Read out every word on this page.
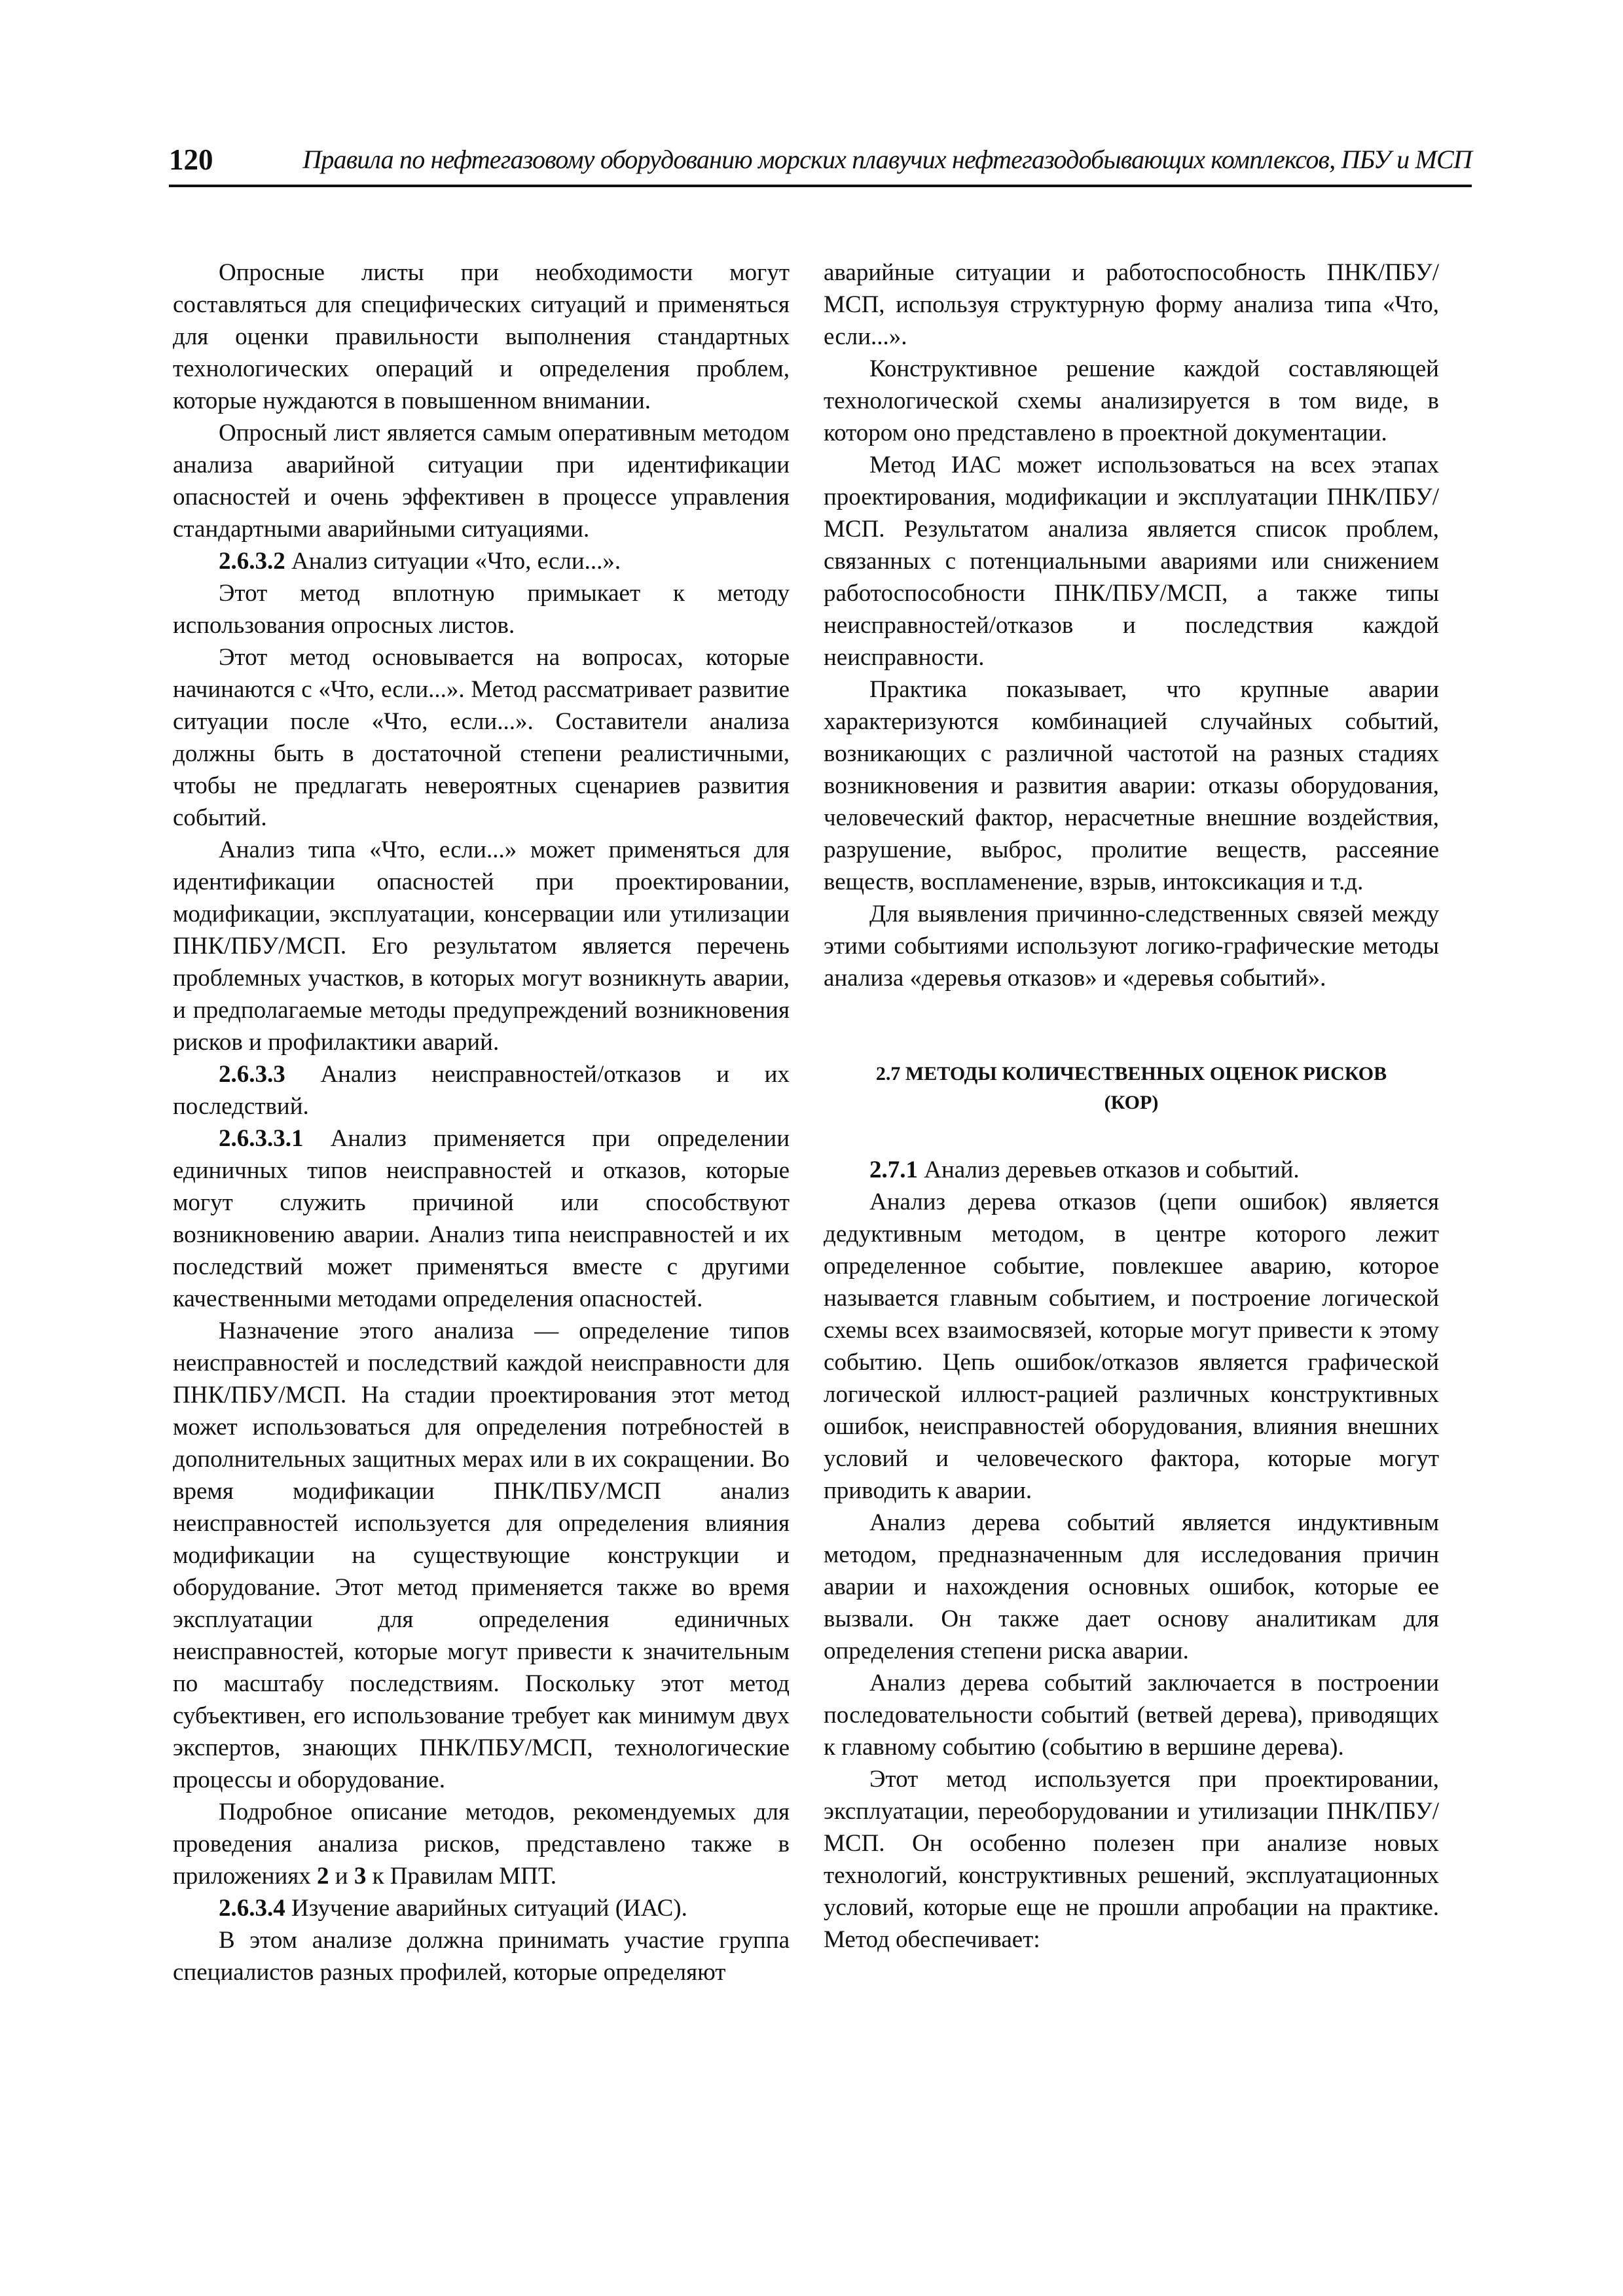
120	Правила по нефтегазовому оборудованию морских плавучих нефтегазодобывающих комплексов, ПБУ и МСП

Опросные листы при необходимости могут составляться для специфических ситуаций и применяться для оценки правильности выполнения стандартных технологических операций и определения проблем, которые нуждаются в повышенном внимании.

Опросный лист является самым оперативным методом анализа аварийной ситуации при идентификации опасностей и очень эффективен в процессе управления стандартными аварийными ситуациями.

2.6.3.2 Анализ ситуации «Что, если...».

Этот метод вплотную примыкает к методу использования опросных листов.

Этот метод основывается на вопросах, которые начинаются с «Что, если...». Метод рассматривает развитие ситуации после «Что, если...». Составители анализа должны быть в достаточной степени реалистичными, чтобы не предлагать невероятных сценариев развития событий.

Анализ типа «Что, если...» может применяться для идентификации опасностей при проектировании, модификации, эксплуатации, консервации или утилизации ПНК/ПБУ/МСП. Его результатом является перечень проблемных участков, в которых могут возникнуть аварии, и предполагаемые методы предупреждений возникновения рисков и профилактики аварий.

2.6.3.3 Анализ неисправностей/отказов и их последствий.

2.6.3.3.1 Анализ применяется при определении единичных типов неисправностей и отказов, которые могут служить причиной или способствуют возникновению аварии. Анализ типа неисправностей и их последствий может применяться вместе с другими качественными методами определения опасностей.

Назначение этого анализа — определение типов неисправностей и последствий каждой неисправности для ПНК/ПБУ/МСП. На стадии проектирования этот метод может использоваться для определения потребностей в дополнительных защитных мерах или в их сокращении. Во время модификации ПНК/ПБУ/МСП анализ неисправностей используется для определения влияния модификации на существующие конструкции и оборудование. Этот метод применяется также во время эксплуатации для определения единичных неисправностей, которые могут привести к значительным по масштабу последствиям. Поскольку этот метод субъективен, его использование требует как минимум двух экспертов, знающих ПНК/ПБУ/МСП, технологические процессы и оборудование.

Подробное описание методов, рекомендуемых для проведения анализа рисков, представлено также в приложениях 2 и 3 к Правилам МПТ.

2.6.3.4 Изучение аварийных ситуаций (ИАС).

В этом анализе должна принимать участие группа специалистов разных профилей, которые определяют

аварийные ситуации и работоспособность ПНК/ПБУ/МСП, используя структурную форму анализа типа «Что, если...».

Конструктивное решение каждой составляющей технологической схемы анализируется в том виде, в котором оно представлено в проектной документации.

Метод ИАС может использоваться на всех этапах проектирования, модификации и эксплуатации ПНК/ПБУ/МСП. Результатом анализа является список проблем, связанных с потенциальными авариями или снижением работоспособности ПНК/ПБУ/МСП, а также типы неисправностей/отказов и последствия каждой неисправности.

Практика показывает, что крупные аварии характеризуются комбинацией случайных событий, возникающих с различной частотой на разных стадиях возникновения и развития аварии: отказы оборудования, человеческий фактор, нерасчетные внешние воздействия, разрушение, выброс, пролитие веществ, рассеяние веществ, воспламенение, взрыв, интоксикация и т.д.

Для выявления причинно-следственных связей между этими событиями используют логико-графические методы анализа «деревья отказов» и «деревья событий».

2.7 МЕТОДЫ КОЛИЧЕСТВЕННЫХ ОЦЕНОК РИСКОВ
(КОР)

2.7.1 Анализ деревьев отказов и событий.

Анализ дерева отказов (цепи ошибок) является дедуктивным методом, в центре которого лежит определенное событие, повлекшее аварию, которое называется главным событием, и построение логической схемы всех взаимосвязей, которые могут привести к этому событию. Цепь ошибок/отказов является графической логической иллюст-рацией различных конструктивных ошибок, неисправностей оборудования, влияния внешних условий и человеческого фактора, которые могут приводить к аварии.

Анализ дерева событий является индуктивным методом, предназначенным для исследования причин аварии и нахождения основных ошибок, которые ее вызвали. Он также дает основу аналитикам для определения степени риска аварии.

Анализ дерева событий заключается в построении последовательности событий (ветвей дерева), приводящих к главному событию (событию в вершине дерева).

Этот метод используется при проектировании, эксплуатации, переоборудовании и утилизации ПНК/ПБУ/МСП. Он особенно полезен при анализе новых технологий, конструктивных решений, эксплуатационных условий, которые еще не прошли апробации на практике. Метод обеспечивает:
